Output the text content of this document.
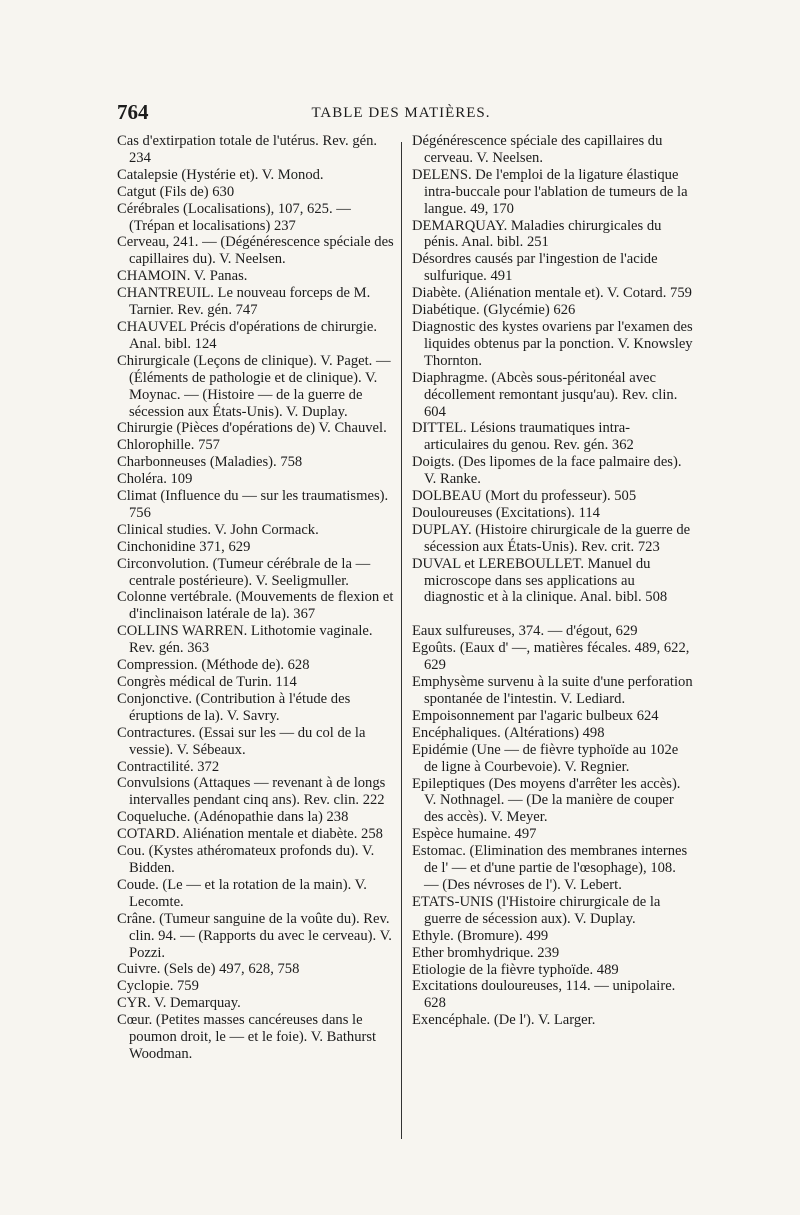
764	TABLE DES MATIÈRES.

Cas d'extirpation totale de l'utérus. Rev. gén. 234

Catalepsie (Hystérie et). V. Monod.

Catgut (Fils de) 630

Cérébrales (Localisations), 107, 625. — (Trépan et localisations) 237

Cerveau, 241. — (Dégénérescence spéciale des capillaires du). V. Neelsen.

CHAMOIN. V. Panas.

CHANTREUIL. Le nouveau forceps de M. Tarnier. Rev. gén. 747

CHAUVEL Précis d'opérations de chirurgie. Anal. bibl. 124

Chirurgicale (Leçons de clinique). V. Paget. — (Éléments de pathologie et de clinique). V. Moynac. — (Histoire — de la guerre de sécession aux États-Unis). V. Duplay.

Chirurgie (Pièces d'opérations de) V. Chauvel.

Chlorophille. 757

Charbonneuses (Maladies). 758

Choléra. 109

Climat (Influence du — sur les traumatismes). 756

Clinical studies. V. John Cormack.

Cinchonidine 371, 629

Circonvolution. (Tumeur cérébrale de la — centrale postérieure). V. Seeligmuller.

Colonne vertébrale. (Mouvements de flexion et d'inclinaison latérale de la). 367

COLLINS WARREN. Lithotomie vaginale. Rev. gén. 363

Compression. (Méthode de). 628

Congrès médical de Turin. 114

Conjonctive. (Contribution à l'étude des éruptions de la). V. Savry.

Contractures. (Essai sur les — du col de la vessie). V. Sébeaux.

Contractilité. 372

Convulsions (Attaques — revenant à de longs intervalles pendant cinq ans). Rev. clin. 222

Coqueluche. (Adénopathie dans la) 238

COTARD. Aliénation mentale et diabète. 258

Cou. (Kystes athéromateux profonds du). V. Bidden.

Coude. (Le — et la rotation de la main). V. Lecomte.

Crâne. (Tumeur sanguine de la voûte du). Rev. clin. 94. — (Rapports du avec le cerveau). V. Pozzi.

Cuivre. (Sels de) 497, 628, 758

Cyclopie. 759

CYR. V. Demarquay.

Cœur. (Petites masses cancéreuses dans le poumon droit, le — et le foie). V. Bathurst Woodman.

Dégénérescence spéciale des capillaires du cerveau. V. Neelsen.

DELENS. De l'emploi de la ligature élastique intra-buccale pour l'ablation de tumeurs de la langue. 49, 170

DEMARQUAY. Maladies chirurgicales du pénis. Anal. bibl. 251

Désordres causés par l'ingestion de l'acide sulfurique. 491

Diabète. (Aliénation mentale et). V. Cotard. 759

Diabétique. (Glycémie) 626

Diagnostic des kystes ovariens par l'examen des liquides obtenus par la ponction. V. Knowsley Thornton.

Diaphragme. (Abcès sous-péritonéal avec décollement remontant jusqu'au). Rev. clin. 604

DITTEL. Lésions traumatiques intra-articulaires du genou. Rev. gén. 362

Doigts. (Des lipomes de la face palmaire des). V. Ranke.

DOLBEAU (Mort du professeur). 505

Douloureuses (Excitations). 114

DUPLAY. (Histoire chirurgicale de la guerre de sécession aux États-Unis). Rev. crit. 723

DUVAL et LEREBOULLET. Manuel du microscope dans ses applications au diagnostic et à la clinique. Anal. bibl. 508

Eaux sulfureuses, 374. — d'égout, 629

Egoûts. (Eaux d' —, matières fécales. 489, 622, 629

Emphysème survenu à la suite d'une perforation spontanée de l'intestin. V. Lediard.

Empoisonnement par l'agaric bulbeux 624

Encéphaliques. (Altérations) 498

Epidémie (Une — de fièvre typhoïde au 102e de ligne à Courbevoie). V. Regnier.

Epileptiques (Des moyens d'arrêter les accès). V. Nothnagel. — (De la manière de couper des accès). V. Meyer.

Espèce humaine. 497

Estomac. (Elimination des membranes internes de l' — et d'une partie de l'œsophage), 108. — (Des névroses de l'). V. Lebert.

ETATS-UNIS (l'Histoire chirurgicale de la guerre de sécession aux). V. Duplay.

Ethyle. (Bromure). 499

Ether bromhydrique. 239

Etiologie de la fièvre typhoïde. 489

Excitations douloureuses, 114. — unipolaire. 628

Exencéphale. (De l'). V. Larger.
